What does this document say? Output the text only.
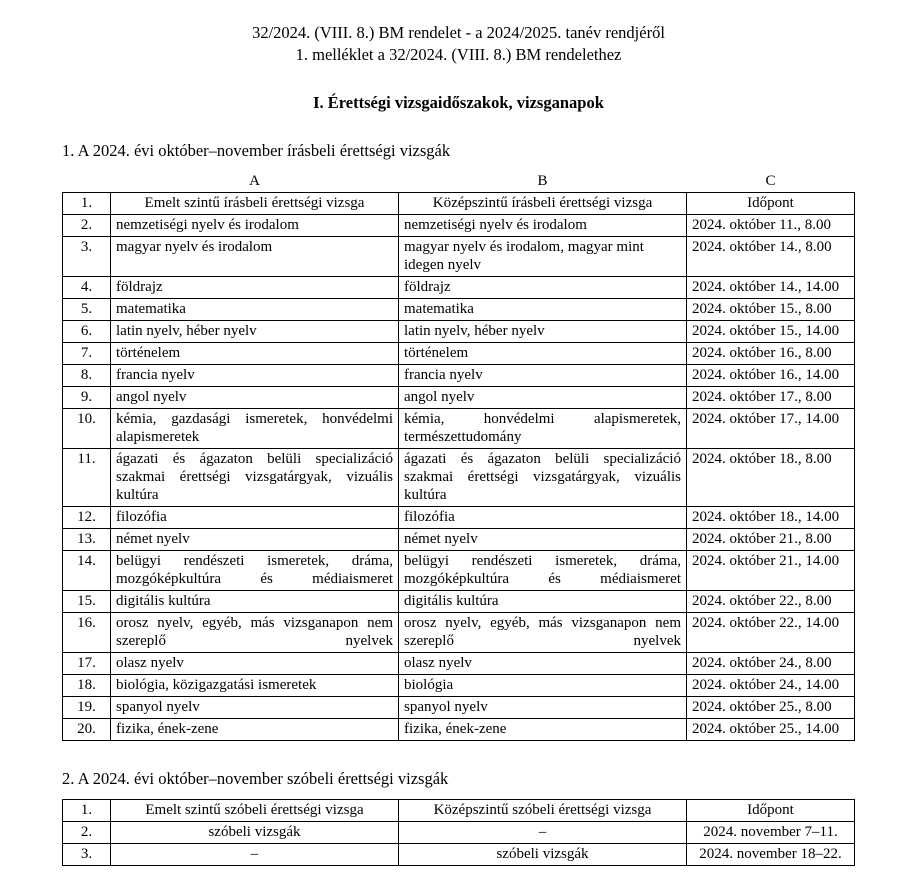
32/2024. (VIII. 8.) BM rendelet - a 2024/2025. tanév rendjéről
1. melléklet a 32/2024. (VIII. 8.) BM rendelethez
I. Érettségi vizsgaidőszakok, vizsganapok
1. A 2024. évi október–november írásbeli érettségi vizsgák
	A	B	C
1.	Emelt szintű írásbeli érettségi vizsga	Középszintű írásbeli érettségi vizsga	Időpont
2.	nemzetiségi nyelv és irodalom	nemzetiségi nyelv és irodalom	2024. október 11., 8.00
3.	magyar nyelv és irodalom	magyar nyelv és irodalom, magyar mint idegen nyelv	2024. október 14., 8.00
4.	földrajz	földrajz	2024. október 14., 14.00
5.	matematika	matematika	2024. október 15., 8.00
6.	latin nyelv, héber nyelv	latin nyelv, héber nyelv	2024. október 15., 14.00
7.	történelem	történelem	2024. október 16., 8.00
8.	francia nyelv	francia nyelv	2024. október 16., 14.00
9.	angol nyelv	angol nyelv	2024. október 17., 8.00
10.	kémia, gazdasági ismeretek, honvédelmi alapismeretek	kémia, honvédelmi alapismeretek, természettudomány	2024. október 17., 14.00
11.	ágazati és ágazaton belüli specializáció szakmai érettségi vizsgatárgyak, vizuális kultúra	ágazati és ágazaton belüli specializáció szakmai érettségi vizsgatárgyak, vizuális kultúra	2024. október 18., 8.00
12.	filozófia	filozófia	2024. október 18., 14.00
13.	német nyelv	német nyelv	2024. október 21., 8.00
14.	belügyi rendészeti ismeretek, dráma, mozgóképkultúra és médiaismeret	belügyi rendészeti ismeretek, dráma, mozgóképkultúra és médiaismeret	2024. október 21., 14.00
15.	digitális kultúra	digitális kultúra	2024. október 22., 8.00
16.	orosz nyelv, egyéb, más vizsganapon nem szereplő nyelvek	orosz nyelv, egyéb, más vizsganapon nem szereplő nyelvek	2024. október 22., 14.00
17.	olasz nyelv	olasz nyelv	2024. október 24., 8.00
18.	biológia, közigazgatási ismeretek	biológia	2024. október 24., 14.00
19.	spanyol nyelv	spanyol nyelv	2024. október 25., 8.00
20.	fizika, ének-zene	fizika, ének-zene	2024. október 25., 14.00
2. A 2024. évi október–november szóbeli érettségi vizsgák
1.	Emelt szintű szóbeli érettségi vizsga	Középszintű szóbeli érettségi vizsga	Időpont
2.	szóbeli vizsgák	–	2024. november 7–11.
3.	–	szóbeli vizsgák	2024. november 18–22.
